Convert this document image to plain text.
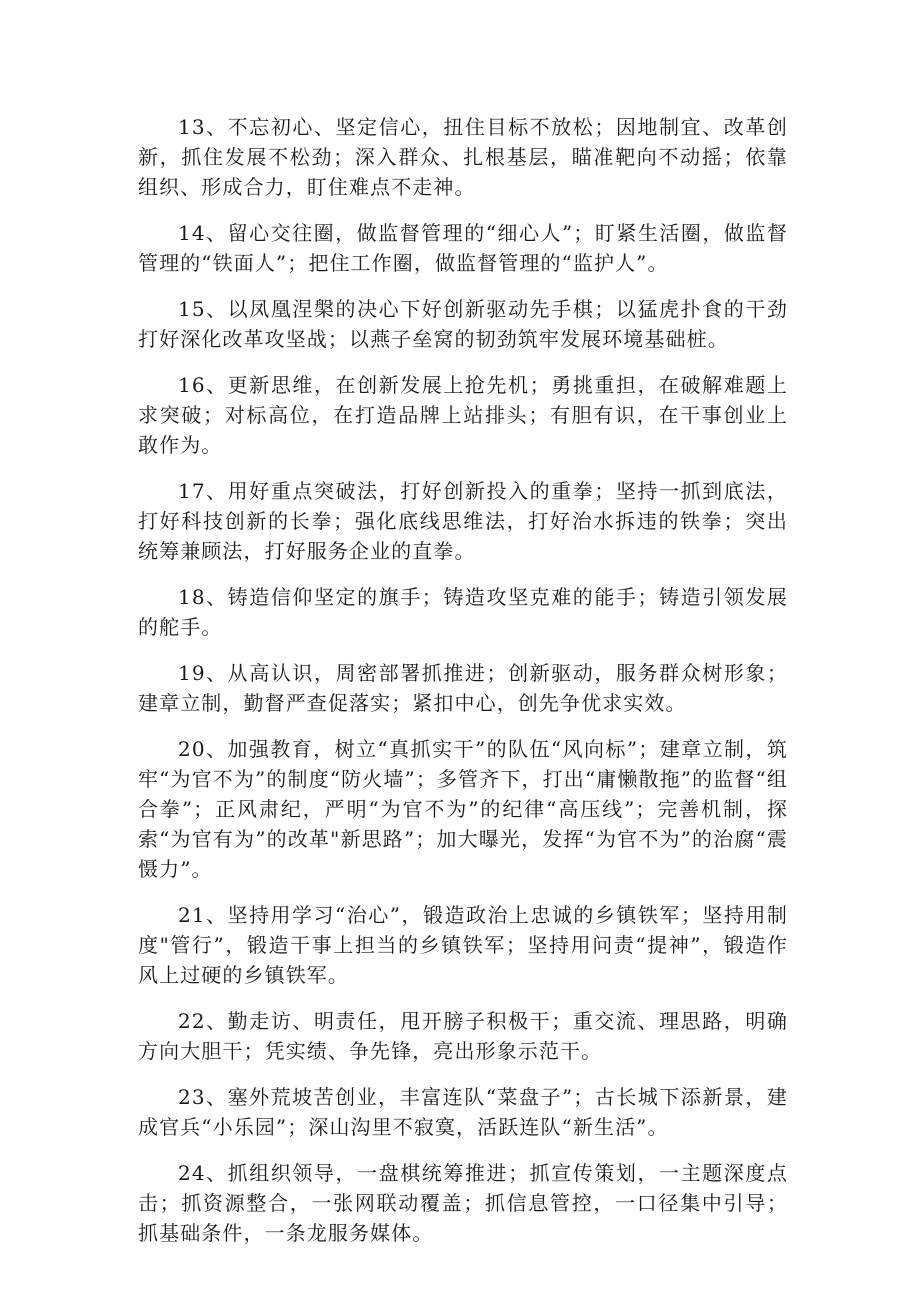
13、不忘初心、坚定信心，扭住目标不放松；因地制宜、改革创新，抓住发展不松劲；深入群众、扎根基层，瞄准靶向不动摇；依靠组织、形成合力，盯住难点不走神。

14、留心交往圈，做监督管理的“细心人”；盯紧生活圈，做监督管理的“铁面人”；把住工作圈，做监督管理的“监护人”。

15、以凤凰涅槃的决心下好创新驱动先手棋；以猛虎扑食的干劲打好深化改革攻坚战；以燕子垒窝的韧劲筑牢发展环境基础桩。

16、更新思维，在创新发展上抢先机；勇挑重担，在破解难题上求突破；对标高位，在打造品牌上站排头；有胆有识，在干事创业上敢作为。

17、用好重点突破法，打好创新投入的重拳；坚持一抓到底法，打好科技创新的长拳；强化底线思维法，打好治水拆违的铁拳；突出统筹兼顾法，打好服务企业的直拳。

18、铸造信仰坚定的旗手；铸造攻坚克难的能手；铸造引领发展的舵手。

19、从高认识，周密部署抓推进；创新驱动，服务群众树形象；建章立制，勤督严查促落实；紧扣中心，创先争优求实效。

20、加强教育，树立“真抓实干”的队伍“风向标”；建章立制，筑牢“为官不为”的制度“防火墙”；多管齐下，打出“庸懒散拖”的监督“组合拳”；正风肃纪，严明“为官不为”的纪律“高压线”；完善机制，探索“为官有为”的改革"新思路”；加大曝光，发挥“为官不为”的治腐“震慑力”。

21、坚持用学习“治心”，锻造政治上忠诚的乡镇铁军；坚持用制度"管行”，锻造干事上担当的乡镇铁军；坚持用问责“提神”，锻造作风上过硬的乡镇铁军。

22、勤走访、明责任，甩开膀子积极干；重交流、理思路，明确方向大胆干；凭实绩、争先锋，亮出形象示范干。

23、塞外荒坡苦创业，丰富连队“菜盘子”；古长城下添新景，建成官兵“小乐园”；深山沟里不寂寞，活跃连队“新生活”。

24、抓组织领导，一盘棋统筹推进；抓宣传策划，一主题深度点击；抓资源整合，一张网联动覆盖；抓信息管控，一口径集中引导；抓基础条件，一条龙服务媒体。
